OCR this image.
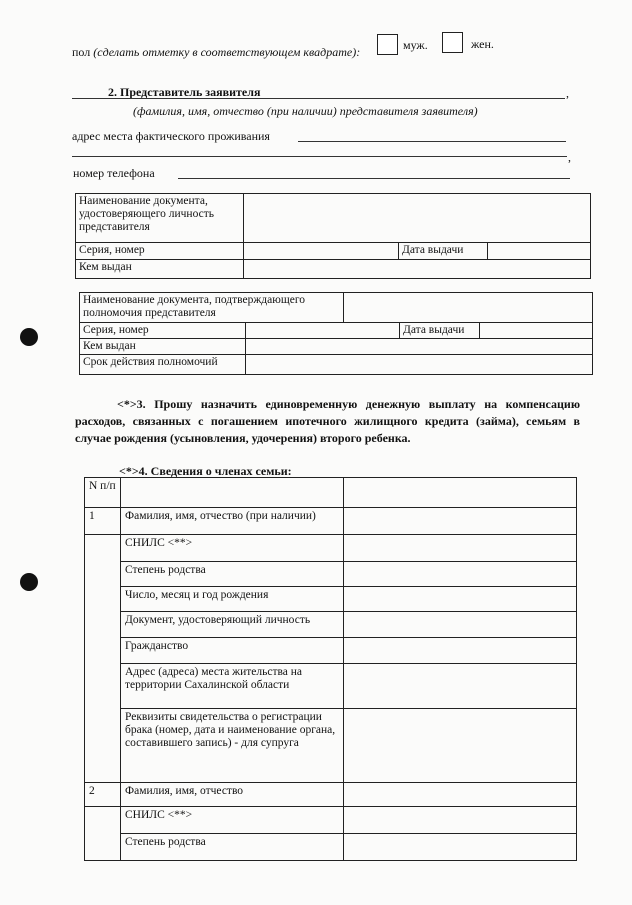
пол (сделать отметку в соответствующем квадрате):	муж.	жен.
2. Представитель заявителя	,
(фамилия, имя, отчество (при наличии) представителя заявителя)
адрес места фактического проживания
,
номер телефона
Наименование документа, удостоверяющего личность представителя			
Серия, номер		Дата выдачи	
Кем выдан			
Наименование документа, подтверждающего полномочия представителя				
Серия, номер			Дата выдачи	
Кем выдан				
Срок действия полномочий				
<*>3. Прошу назначить единовременную денежную выплату на компенсацию расходов, связанных с погашением ипотечного жилищного кредита (займа), семьям в случае рождения (усыновления, удочерения) второго ребенка.
<*>4. Сведения о членах семьи:
N п/п		
1	Фамилия, имя, отчество (при наличии)	
	СНИЛС <**>	
	Степень родства	
	Число, месяц и год рождения	
	Документ, удостоверяющий личность	
	Гражданство	
	Адрес (адреса) места жительства на территории Сахалинской области	
	Реквизиты свидетельства о регистрации брака (номер, дата и наименование органа, составившего запись) - для супруга	
2	Фамилия, имя, отчество	
	СНИЛС <**>	
	Степень родства	
